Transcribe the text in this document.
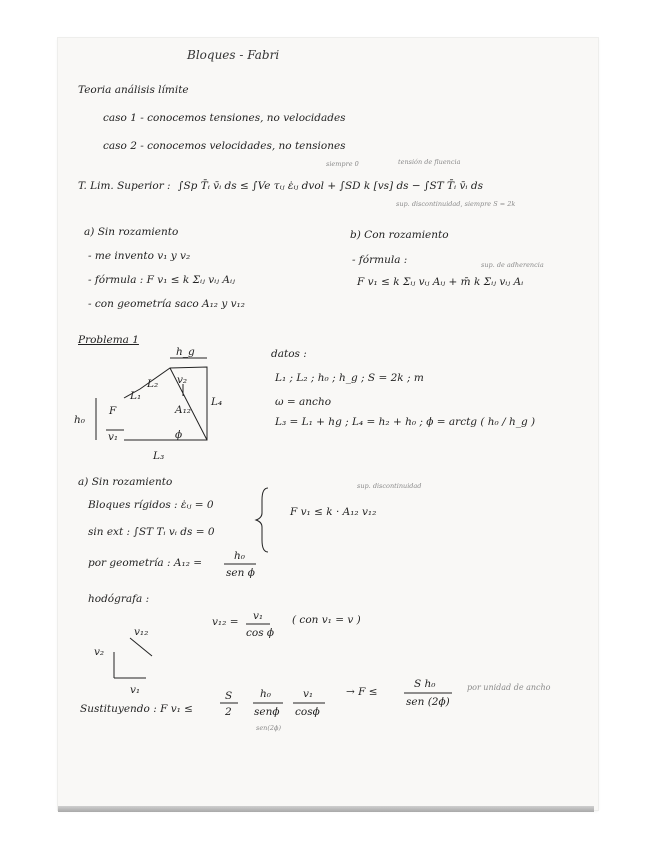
Bloques - Fabri
Teoria análisis límite
caso 1 - conocemos tensiones, no velocidades
caso 2 - conocemos velocidades, no tensiones
siempre 0	tensión de fluencia
T. Lim. Superior : ∫Sp T̄ᵢ v̄ᵢ ds ≤ ∫Ve τᵢⱼ ε̇ᵢⱼ dvol + ∫SD k [vs] ds − ∫ST T̄ᵢ v̄ᵢ ds
sup. discontinuidad, siempre S = 2k
a) Sin rozamiento
- me invento v₁ y v₂
- fórmula : F v₁ ≤ k Σᵢⱼ vᵢⱼ Aᵢⱼ
- con geometría saco A₁₂ y v₁₂
b) Con rozamiento
- fórmula :	sup. de adherencia
F v₁ ≤ k Σᵢⱼ vᵢⱼ Aᵢⱼ + m̄ k Σᵢⱼ vᵢⱼ Aᵢ
Problema 1
h_g
L₂
L₁
v₂
L₄
h₀
F
v₁
A₁₂
ϕ
L₃
datos :
L₁ ; L₂ ; h₀ ; h_g ; S = 2k ; m
ω = ancho
L₃ = L₁ + hg ; L₄ = h₂ + h₀ ; ϕ = arctg ( h₀ / h_g )
a) Sin rozamiento
Bloques rígidos : ε̇ᵢⱼ = 0
sin ext : ∫ST Tᵢ vᵢ ds = 0
sup. discontinuidad
F v₁ ≤ k · A₁₂ v₁₂
por geometría : A₁₂ =
h₀
sen ϕ
hodógrafa :
v₁₂
v₂
v₁
v₁₂ = v₁
cos ϕ
( con v₁ = v )
Sustituyendo : F v₁ ≤
S
2
h₀
senϕ
v₁
cosϕ
sen(2ϕ)
→ F ≤
S h₀
sen (2ϕ)
por unidad de ancho
